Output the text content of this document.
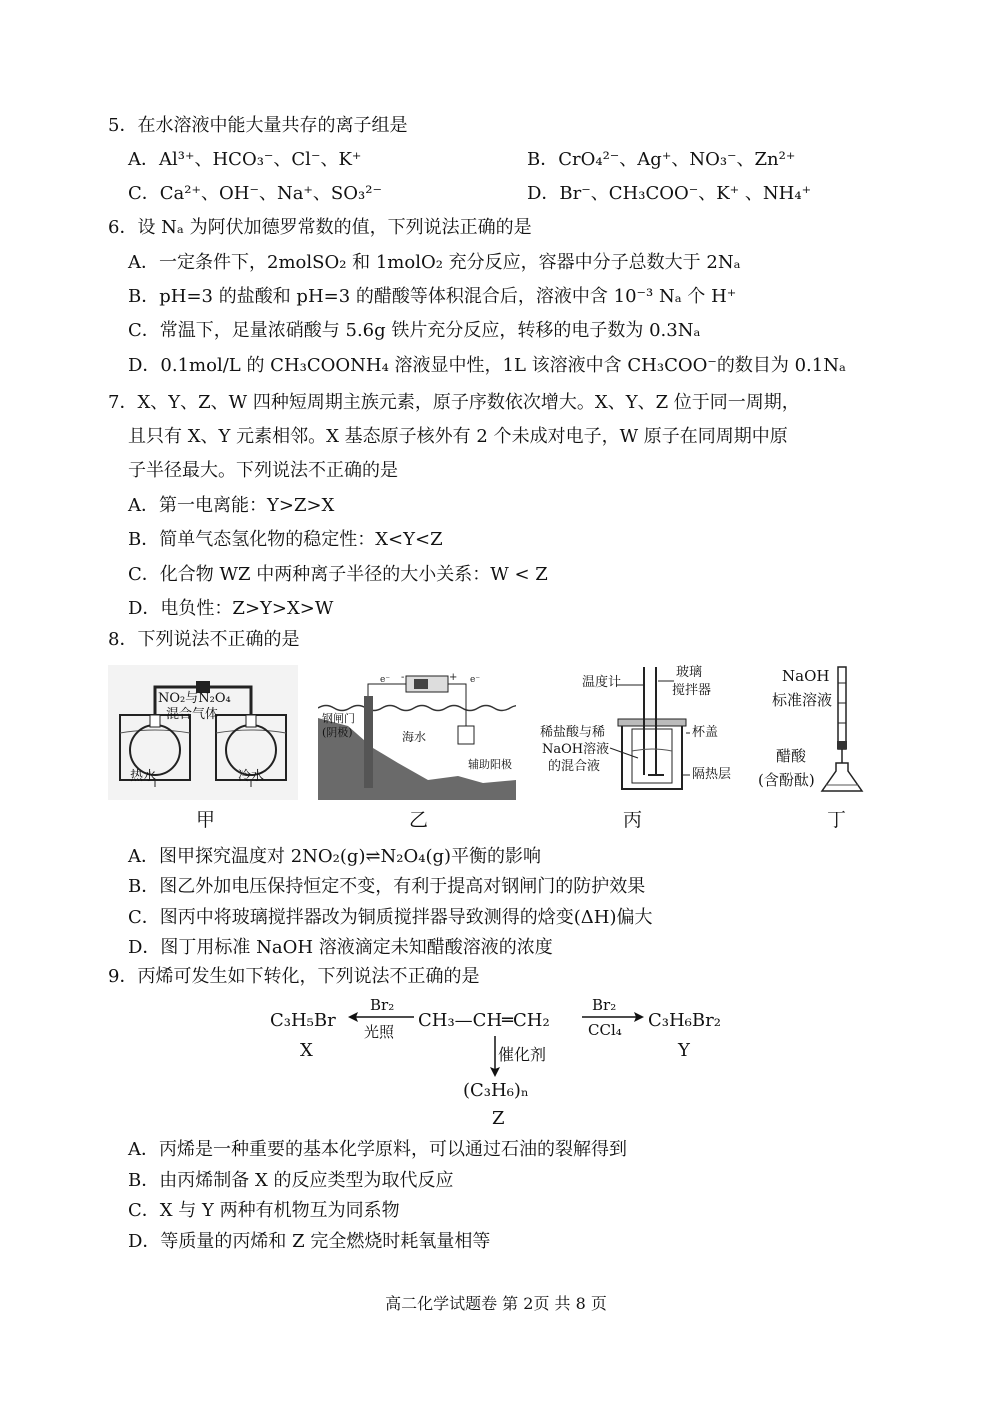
5．在水溶液中能大量共存的离子组是
A．Al³⁺、HCO₃⁻、Cl⁻、K⁺	B．CrO₄²⁻、Ag⁺、NO₃⁻、Zn²⁺
C．Ca²⁺、OH⁻、Na⁺、SO₃²⁻	D．Br⁻、CH₃COO⁻、K⁺ 、NH₄⁺
6．设 Nₐ 为阿伏加德罗常数的值，下列说法正确的是
A．一定条件下，2molSO₂ 和 1molO₂ 充分反应，容器中分子总数大于 2Nₐ
B．pH=3 的盐酸和 pH=3 的醋酸等体积混合后，溶液中含 10⁻³ Nₐ 个 H⁺
C．常温下，足量浓硝酸与 5.6g 铁片充分反应，转移的电子数为 0.3Nₐ
D．0.1mol/L 的 CH₃COONH₄ 溶液显中性，1L 该溶液中含 CH₃COO⁻的数目为 0.1Nₐ
7．X、Y、Z、W 四种短周期主族元素，原子序数依次增大。X、Y、Z 位于同一周期，
且只有 X、Y 元素相邻。X 基态原子核外有 2 个未成对电子，W 原子在同周期中原
子半径最大。下列说法不正确的是
A．第一电离能：Y>Z>X
B．简单气态氢化物的稳定性：X<Y<Z
C．化合物 WZ 中两种离子半径的大小关系：W < Z
D．电负性：Z>Y>X>W
8．下列说法不正确的是
NO₂与N₂O₄
混合气体
热水	冷水
甲
e⁻	e⁻
-	+
钢闸门
(阴极)	海水
辅助阳极
乙
温度计
玻璃
搅拌器
稀盐酸与稀
NaOH溶液
的混合液
杯盖
隔热层
丙
NaOH
标准溶液
醋酸
(含酚酞)
丁
A．图甲探究温度对 2NO₂(g)⇌N₂O₄(g)平衡的影响
B．图乙外加电压保持恒定不变，有利于提高对钢闸门的防护效果
C．图丙中将玻璃搅拌器改为铜质搅拌器导致测得的焓变(ΔH)偏大
D．图丁用标准 NaOH 溶液滴定未知醋酸溶液的浓度
9．丙烯可发生如下转化，下列说法不正确的是
C₃H₅Br
X
Br₂
光照
CH₃—CH═CH₂
Br₂
CCl₄ C₃H₆Br₂
Y
催化剂
(C₃H₆)ₙ
Z
A．丙烯是一种重要的基本化学原料，可以通过石油的裂解得到
B．由丙烯制备 X 的反应类型为取代反应
C．X 与 Y 两种有机物互为同系物
D．等质量的丙烯和 Z 完全燃烧时耗氧量相等
高二化学试题卷 第 2页 共 8 页
